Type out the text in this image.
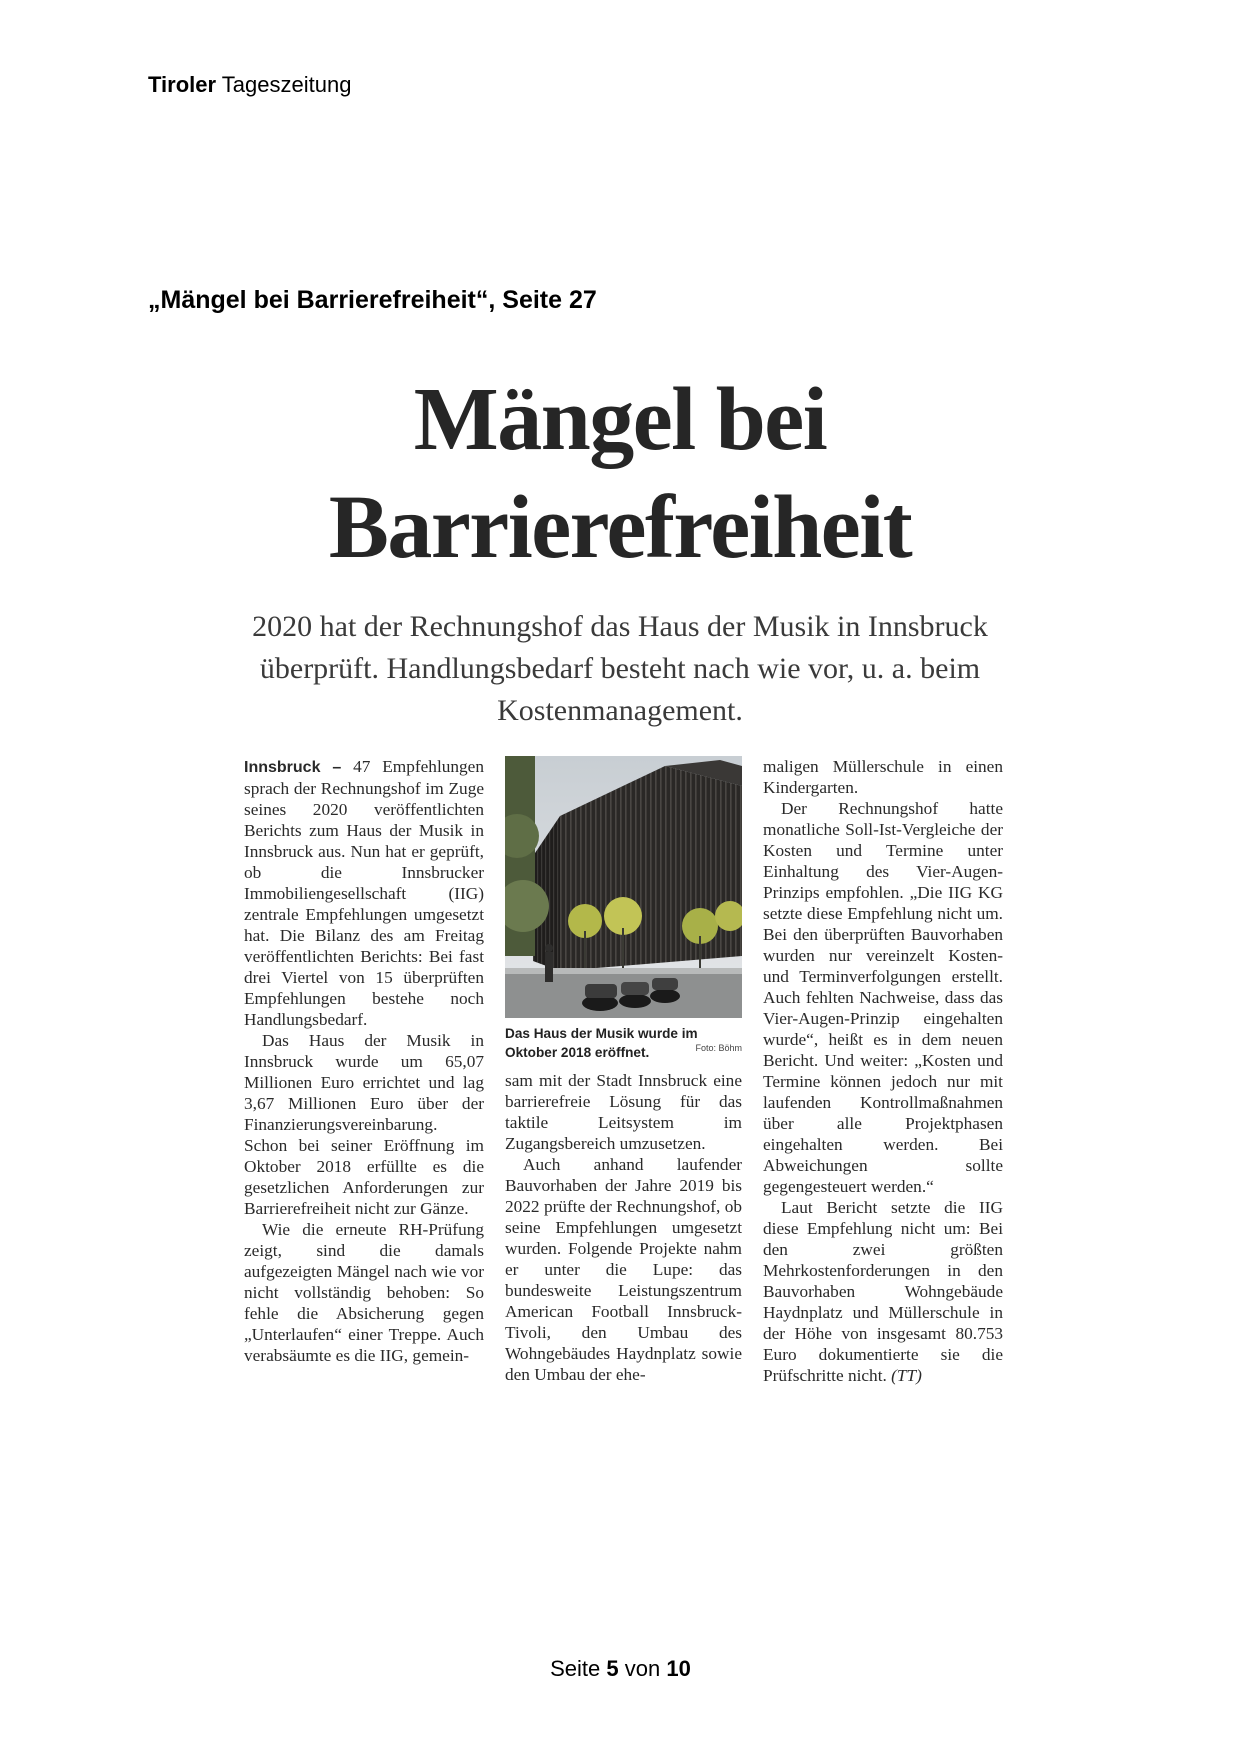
Tiroler Tageszeitung
„Mängel bei Barrierefreiheit“, Seite 27
Mängel bei
Barrierefreiheit

2020 hat der Rechnungshof das Haus der Musik in Innsbruck überprüft. Handlungsbedarf besteht nach wie vor, u. a. beim Kostenmanagement.

Innsbruck – 47 Empfehlungen sprach der Rechnungshof im Zuge seines 2020 veröffentlichten Berichts zum Haus der Musik in Innsbruck aus. Nun hat er geprüft, ob die Innsbrucker Immobiliengesellschaft (IIG) zentrale Empfehlungen umgesetzt hat. Die Bilanz des am Freitag veröffentlichten Berichts: Bei fast drei Viertel von 15 überprüften Empfehlungen bestehe noch Handlungsbedarf.

Das Haus der Musik in Innsbruck wurde um 65,07 Millionen Euro errichtet und lag 3,67 Millionen Euro über der Finanzierungsvereinbarung. Schon bei seiner Eröffnung im Oktober 2018 erfüllte es die gesetzlichen Anforderungen zur Barrierefreiheit nicht zur Gänze.

Wie die erneute RH-Prüfung zeigt, sind die damals aufgezeigten Mängel nach wie vor nicht vollständig behoben: So fehle die Absicherung gegen „Unterlaufen“ einer Treppe. Auch verabsäumte es die IIG, gemein-

Das Haus der Musik wurde im Oktober 2018 eröffnet.	Foto: Böhm

sam mit der Stadt Innsbruck eine barrierefreie Lösung für das taktile Leitsystem im Zugangsbereich umzusetzen.

Auch anhand laufender Bauvorhaben der Jahre 2019 bis 2022 prüfte der Rechnungshof, ob seine Empfehlungen umgesetzt wurden. Folgende Projekte nahm er unter die Lupe: das bundesweite Leistungszentrum American Football Innsbruck-Tivoli, den Umbau des Wohngebäudes Haydnplatz sowie den Umbau der ehe-

maligen Müllerschule in einen Kindergarten.

Der Rechnungshof hatte monatliche Soll-Ist-Vergleiche der Kosten und Termine unter Einhaltung des Vier-Augen-Prinzips empfohlen. „Die IIG KG setzte diese Empfehlung nicht um. Bei den überprüften Bauvorhaben wurden nur vereinzelt Kosten- und Terminverfolgungen erstellt. Auch fehlten Nachweise, dass das Vier-Augen-Prinzip eingehalten wurde“, heißt es in dem neuen Bericht. Und weiter: „Kosten und Termine können jedoch nur mit laufenden Kontrollmaßnahmen über alle Projektphasen eingehalten werden. Bei Abweichungen sollte gegengesteuert werden.“

Laut Bericht setzte die IIG diese Empfehlung nicht um: Bei den zwei größten Mehrkostenforderungen in den Bauvorhaben Wohngebäude Haydnplatz und Müllerschule in der Höhe von insgesamt 80.753 Euro dokumentierte sie die Prüfschritte nicht. (TT)

Seite 5 von 10
